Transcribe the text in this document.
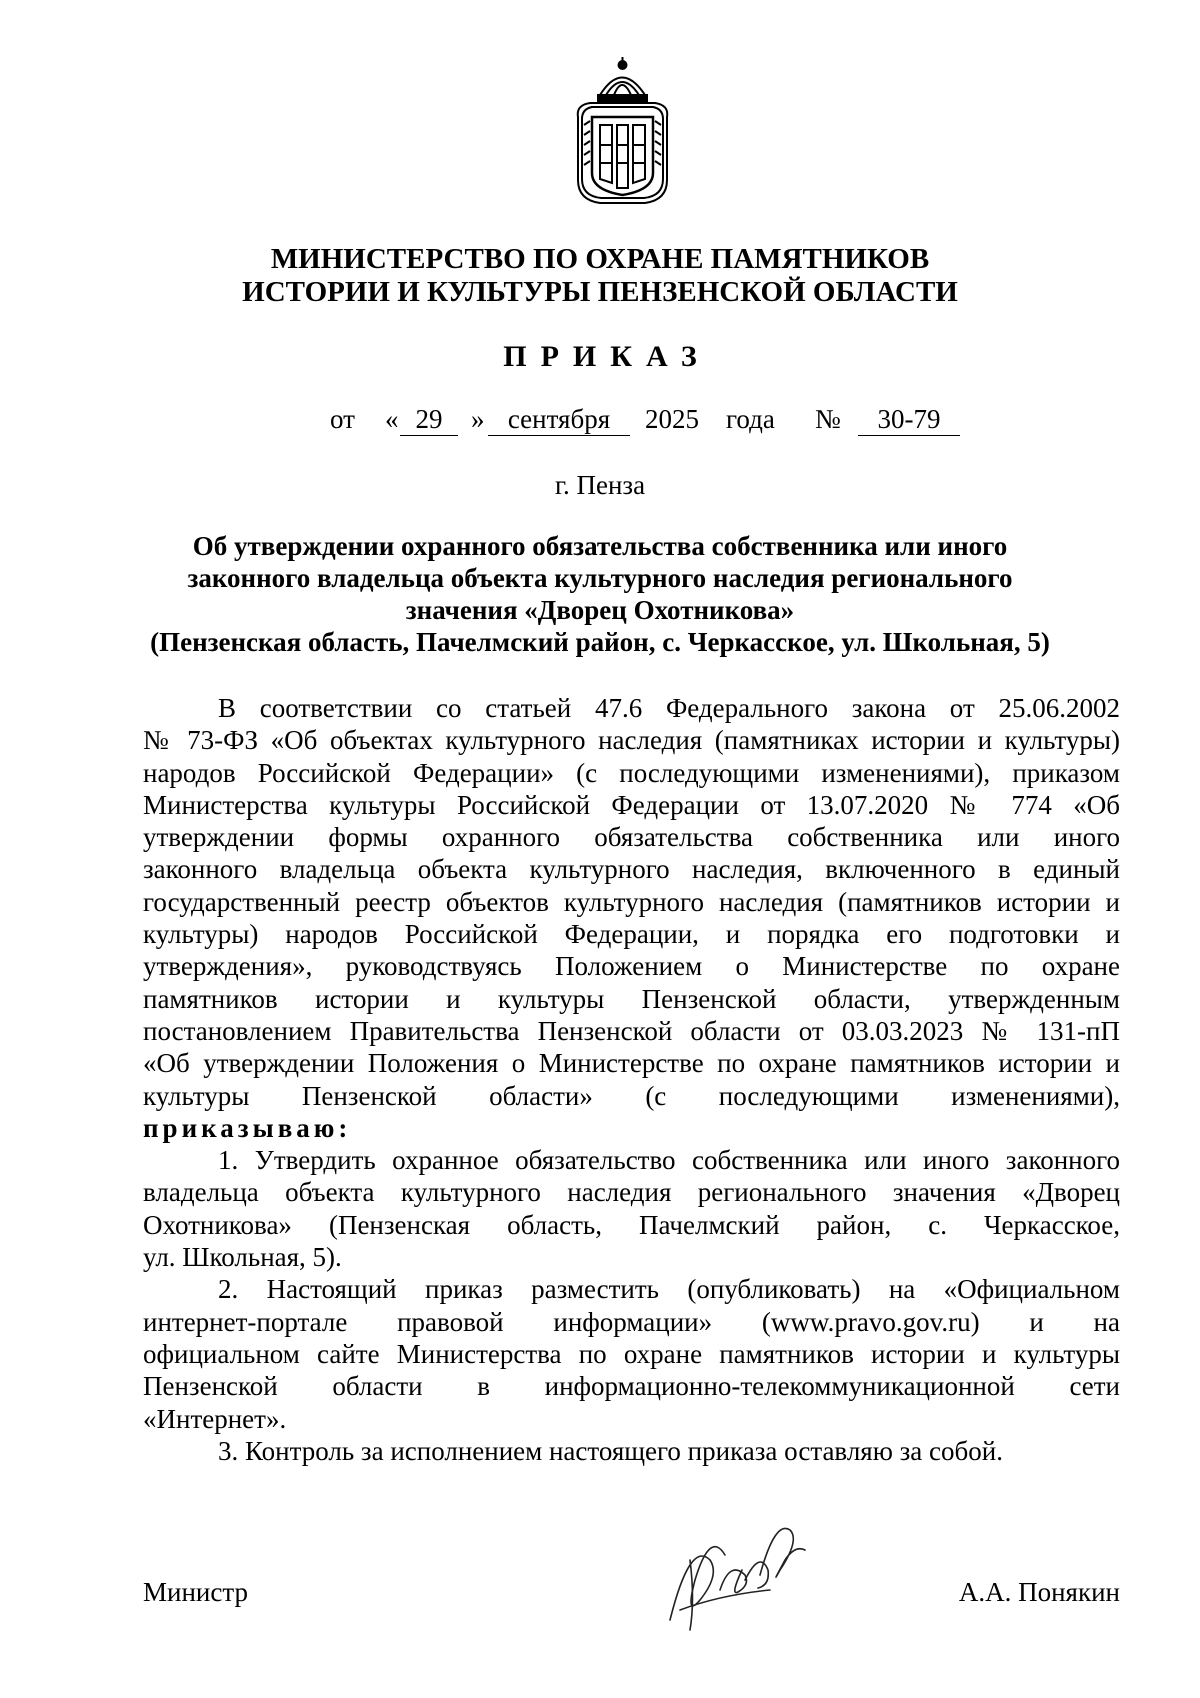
МИНИСТЕРСТВО ПО ОХРАНЕ ПАМЯТНИКОВ
ИСТОРИИ И КУЛЬТУРЫ ПЕНЗЕНСКОЙ ОБЛАСТИ
ПРИКАЗ
от « 29	» сентября	2025 года №	30-79
г. Пенза
Об утверждении охранного обязательства собственника или иного
законного владельца объекта культурного наследия регионального
значения «Дворец Охотникова»
(Пензенская область, Пачелмский район, с. Черкасское, ул. Школьная, 5)
В соответствии со статьей 47.6 Федерального закона от 25.06.2002
№ 73-ФЗ «Об объектах культурного наследия (памятниках истории и культуры)
народов Российской Федерации» (с последующими изменениями), приказом
Министерства культуры Российской Федерации от 13.07.2020 № 774 «Об
утверждении формы охранного обязательства собственника или иного
законного владельца объекта культурного наследия, включенного в единый
государственный реестр объектов культурного наследия (памятников истории и
культуры) народов Российской Федерации, и порядка его подготовки и
утверждения», руководствуясь Положением о Министерстве по охране
памятников истории и культуры Пензенской области, утвержденным
постановлением Правительства Пензенской области от 03.03.2023 № 131-пП
«Об утверждении Положения о Министерстве по охране памятников истории и
культуры Пензенской области» (с последующими изменениями),
приказываю:
1. Утвердить охранное обязательство собственника или иного законного
владельца объекта культурного наследия регионального значения «Дворец
Охотникова» (Пензенская область, Пачелмский район, с. Черкасское,
ул. Школьная, 5).
2. Настоящий приказ разместить (опубликовать) на «Официальном
интернет-портале правовой информации» (www.pravo.gov.ru) и на
официальном сайте Министерства по охране памятников истории и культуры
Пензенской области в информационно-телекоммуникационной сети
«Интернет».
3. Контроль за исполнением настоящего приказа оставляю за собой.
Министр	А.А. Понякин
